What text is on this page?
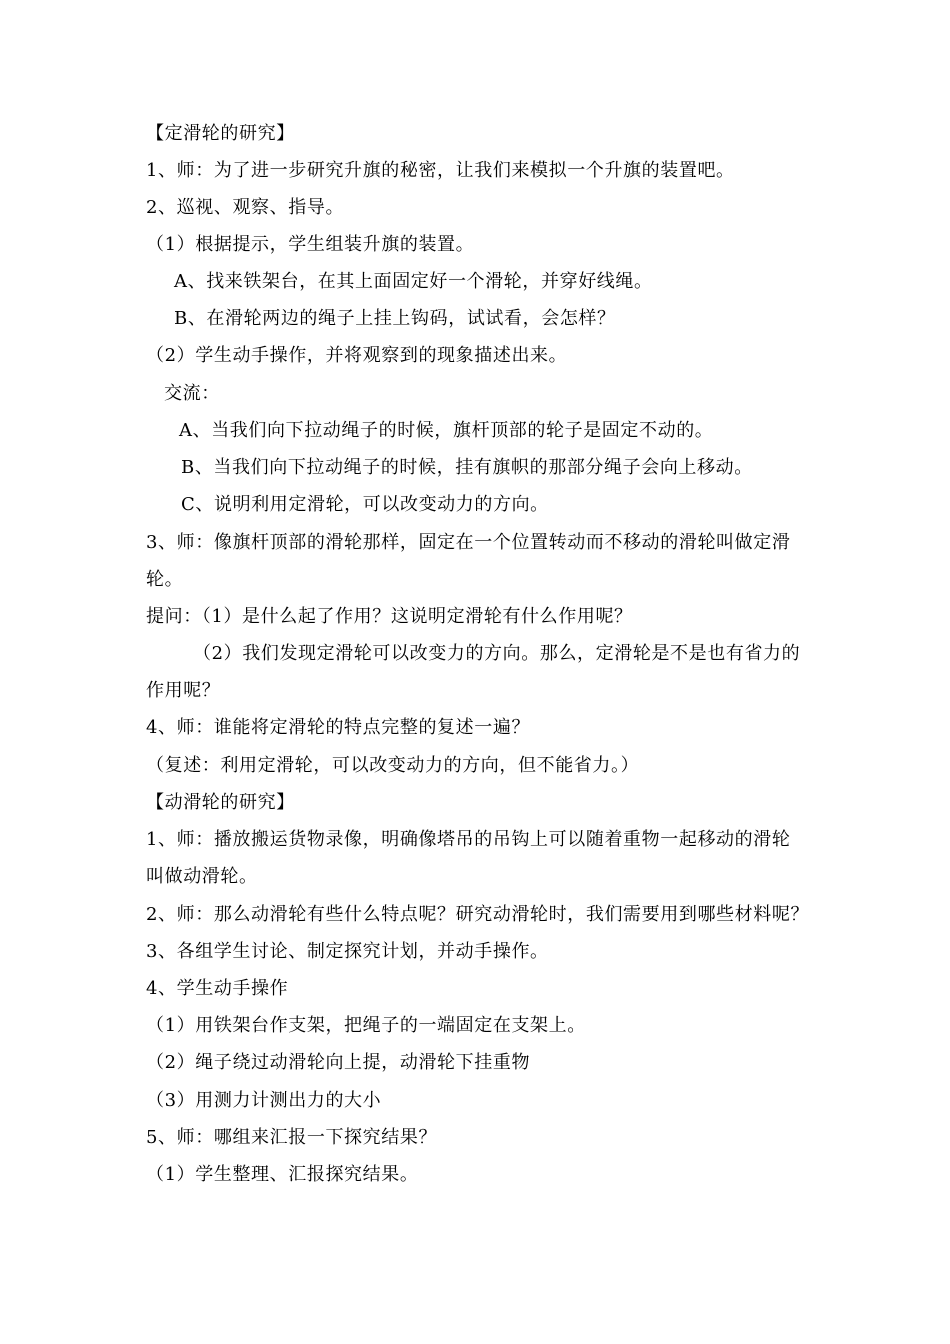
【定滑轮的研究】
1、师：为了进一步研究升旗的秘密，让我们来模拟一个升旗的装置吧。
2、巡视、观察、指导。
（1）根据提示，学生组装升旗的装置。
A、找来铁架台，在其上面固定好一个滑轮，并穿好线绳。
B、在滑轮两边的绳子上挂上钩码，试试看，会怎样？
（2）学生动手操作，并将观察到的现象描述出来。
交流：
A、当我们向下拉动绳子的时候，旗杆顶部的轮子是固定不动的。
B、当我们向下拉动绳子的时候，挂有旗帜的那部分绳子会向上移动。
C、说明利用定滑轮，可以改变动力的方向。
3、师：像旗杆顶部的滑轮那样，固定在一个位置转动而不移动的滑轮叫做定滑
轮。
提问：（1）是什么起了作用？这说明定滑轮有什么作用呢？
（2）我们发现定滑轮可以改变力的方向。那么，定滑轮是不是也有省力的
作用呢？
4、师：谁能将定滑轮的特点完整的复述一遍？
（复述：利用定滑轮，可以改变动力的方向，但不能省力。）
【动滑轮的研究】
1、师：播放搬运货物录像，明确像塔吊的吊钩上可以随着重物一起移动的滑轮
叫做动滑轮。
2、师：那么动滑轮有些什么特点呢？研究动滑轮时，我们需要用到哪些材料呢？
3、各组学生讨论、制定探究计划，并动手操作。
4、学生动手操作
（1）用铁架台作支架，把绳子的一端固定在支架上。
（2）绳子绕过动滑轮向上提，动滑轮下挂重物
（3）用测力计测出力的大小
5、师：哪组来汇报一下探究结果？
（1）学生整理、汇报探究结果。
